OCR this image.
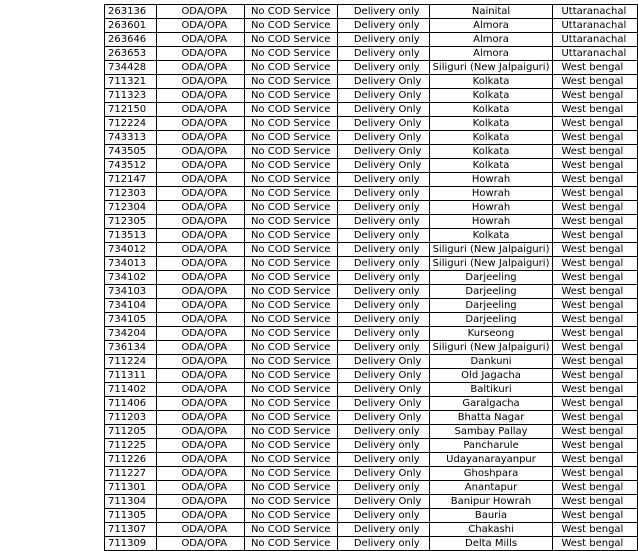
263136	ODA/OPA	No COD Service	Delivery only	Nainital	Uttaranachal
263601	ODA/OPA	No COD Service	Delivery only	Almora	Uttaranachal
263646	ODA/OPA	No COD Service	Delivery only	Almora	Uttaranachal
263653	ODA/OPA	No COD Service	Delivery only	Almora	Uttaranachal
734428	ODA/OPA	No COD Service	Delivery only	Siliguri (New Jalpaiguri)	West bengal
711321	ODA/OPA	No COD Service	Delivery Only	Kolkata	West bengal
711323	ODA/OPA	No COD Service	Delivery Only	Kolkata	West bengal
712150	ODA/OPA	No COD Service	Delivery Only	Kolkata	West bengal
712224	ODA/OPA	No COD Service	Delivery Only	Kolkata	West bengal
743313	ODA/OPA	No COD Service	Delivery Only	Kolkata	West bengal
743505	ODA/OPA	No COD Service	Delivery Only	Kolkata	West bengal
743512	ODA/OPA	No COD Service	Delivery Only	Kolkata	West bengal
712147	ODA/OPA	No COD Service	Delivery only	Howrah	West bengal
712303	ODA/OPA	No COD Service	Delivery only	Howrah	West bengal
712304	ODA/OPA	No COD Service	Delivery only	Howrah	West bengal
712305	ODA/OPA	No COD Service	Delivery only	Howrah	West bengal
713513	ODA/OPA	No COD Service	Delivery only	Kolkata	West bengal
734012	ODA/OPA	No COD Service	Delivery only	Siliguri (New Jalpaiguri)	West bengal
734013	ODA/OPA	No COD Service	Delivery only	Siliguri (New Jalpaiguri)	West bengal
734102	ODA/OPA	No COD Service	Delivery only	Darjeeling	West bengal
734103	ODA/OPA	No COD Service	Delivery only	Darjeeling	West bengal
734104	ODA/OPA	No COD Service	Delivery only	Darjeeling	West bengal
734105	ODA/OPA	No COD Service	Delivery only	Darjeeling	West bengal
734204	ODA/OPA	No COD Service	Delivery only	Kurseong	West bengal
736134	ODA/OPA	No COD Service	Delivery only	Siliguri (New Jalpaiguri)	West bengal
711224	ODA/OPA	No COD Service	Delivery Only	Dankuni	West bengal
711311	ODA/OPA	No COD Service	Delivery Only	Old Jagacha	West bengal
711402	ODA/OPA	No COD Service	Delivery Only	Baltikuri	West bengal
711406	ODA/OPA	No COD Service	Delivery Only	Garalgacha	West bengal
711203	ODA/OPA	No COD Service	Delivery Only	Bhatta Nagar	West bengal
711205	ODA/OPA	No COD Service	Delivery only	Sambay Pallay	West bengal
711225	ODA/OPA	No COD Service	Delivery only	Pancharule	West bengal
711226	ODA/OPA	No COD Service	Delivery only	Udayanarayanpur	West bengal
711227	ODA/OPA	No COD Service	Delivery Only	Ghoshpara	West bengal
711301	ODA/OPA	No COD Service	Delivery only	Anantapur	West bengal
711304	ODA/OPA	No COD Service	Delivery Only	Banipur Howrah	West bengal
711305	ODA/OPA	No COD Service	Delivery only	Bauria	West bengal
711307	ODA/OPA	No COD Service	Delivery only	Chakashi	West bengal
711309	ODA/OPA	No COD Service	Delivery only	Delta Mills	West bengal
